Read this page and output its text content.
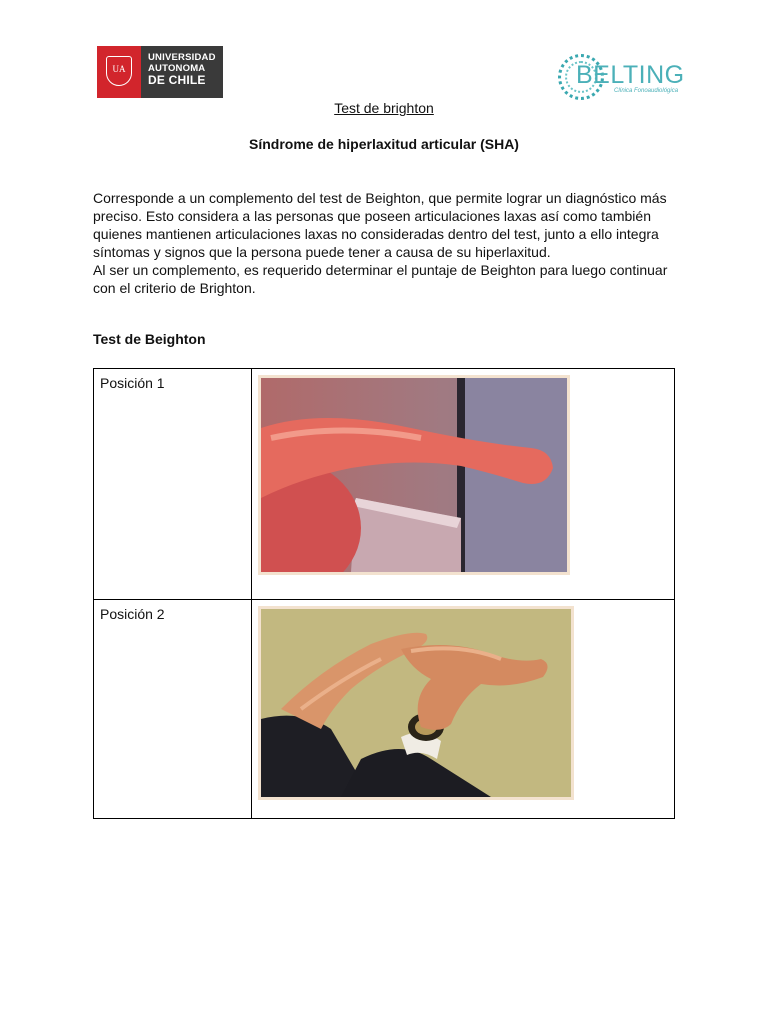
UA
UNIVERSIDAD
AUTONOMA
DE CHILE	BELTING
Clínica Fonoaudiológica
Test de brighton
Síndrome de hiperlaxitud articular (SHA)

Corresponde a un complemento del test de Beighton, que permite lograr un diagnóstico más preciso. Esto considera a las personas que poseen articulaciones laxas así como también quienes mantienen articulaciones laxas no consideradas dentro del test, junto a ello integra síntomas y signos que la persona puede tener a causa de su hiperlaxitud.

Al ser un complemento, es requerido determinar el puntaje de Beighton para luego continuar con el criterio de Brighton.

Test de Beighton
Posición 1	

Posición 2	
